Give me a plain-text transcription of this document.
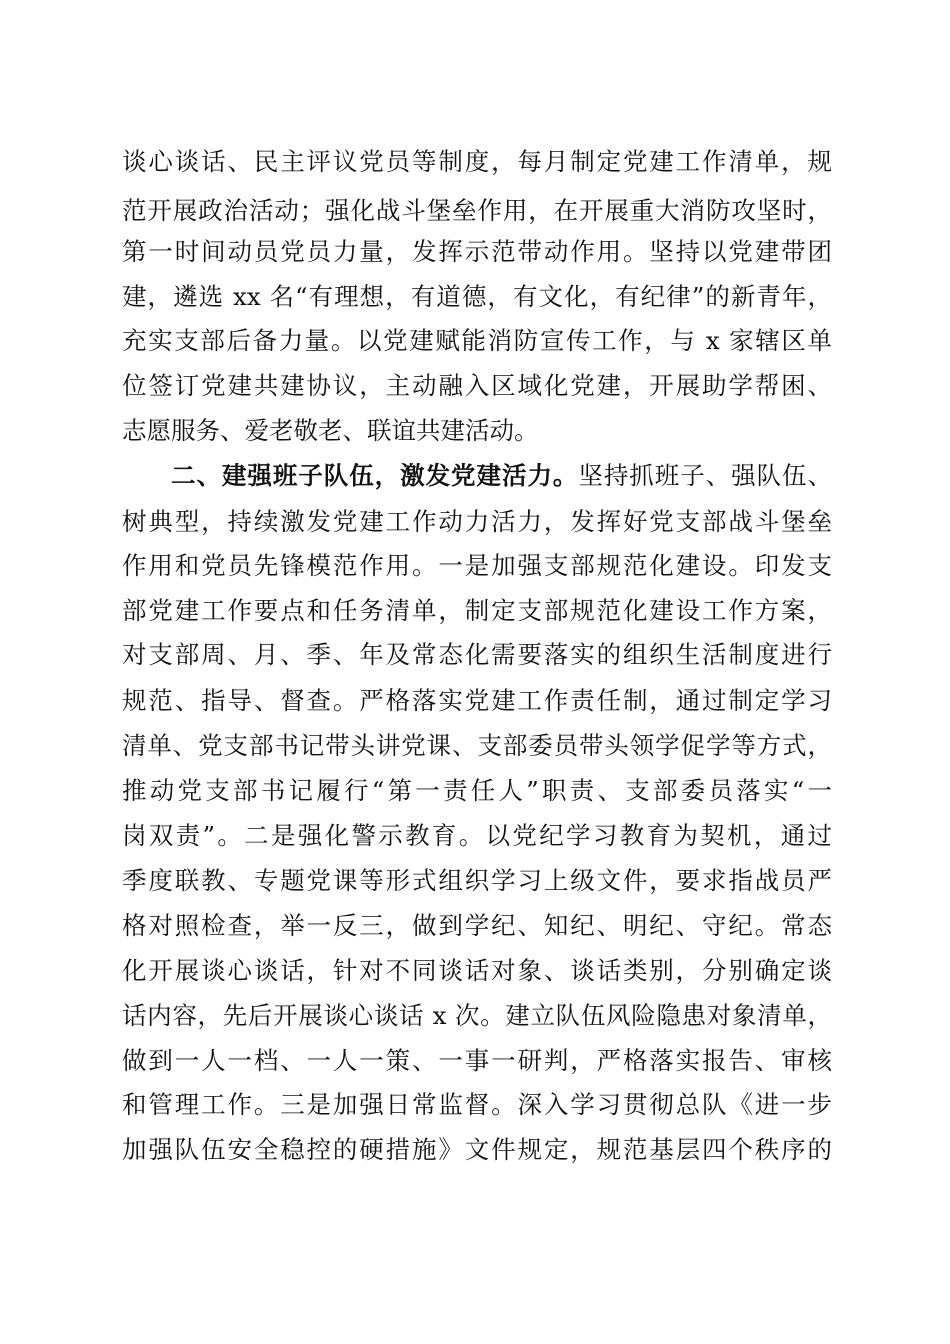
谈心谈话、民主评议党员等制度，每月制定党建工作清单，规
范开展政治活动；强化战斗堡垒作用，在开展重大消防攻坚时，
第一时间动员党员力量，发挥示范带动作用。坚持以党建带团
建，遴选 xx 名“有理想，有道德，有文化，有纪律”的新青年，
充实支部后备力量。以党建赋能消防宣传工作，与 x 家辖区单
位签订党建共建协议，主动融入区域化党建，开展助学帮困、
志愿服务、爱老敬老、联谊共建活动。
二、建强班子队伍，激发党建活力。坚持抓班子、强队伍、
树典型，持续激发党建工作动力活力，发挥好党支部战斗堡垒
作用和党员先锋模范作用。一是加强支部规范化建设。印发支
部党建工作要点和任务清单，制定支部规范化建设工作方案，
对支部周、月、季、年及常态化需要落实的组织生活制度进行
规范、指导、督查。严格落实党建工作责任制，通过制定学习
清单、党支部书记带头讲党课、支部委员带头领学促学等方式，
推动党支部书记履行“第一责任人”职责、支部委员落实“一
岗双责”。二是强化警示教育。以党纪学习教育为契机，通过
季度联教、专题党课等形式组织学习上级文件，要求指战员严
格对照检查，举一反三，做到学纪、知纪、明纪、守纪。常态
化开展谈心谈话，针对不同谈话对象、谈话类别，分别确定谈
话内容，先后开展谈心谈话 x 次。建立队伍风险隐患对象清单，
做到一人一档、一人一策、一事一研判，严格落实报告、审核
和管理工作。三是加强日常监督。深入学习贯彻总队《进一步
加强队伍安全稳控的硬措施》文件规定，规范基层四个秩序的
